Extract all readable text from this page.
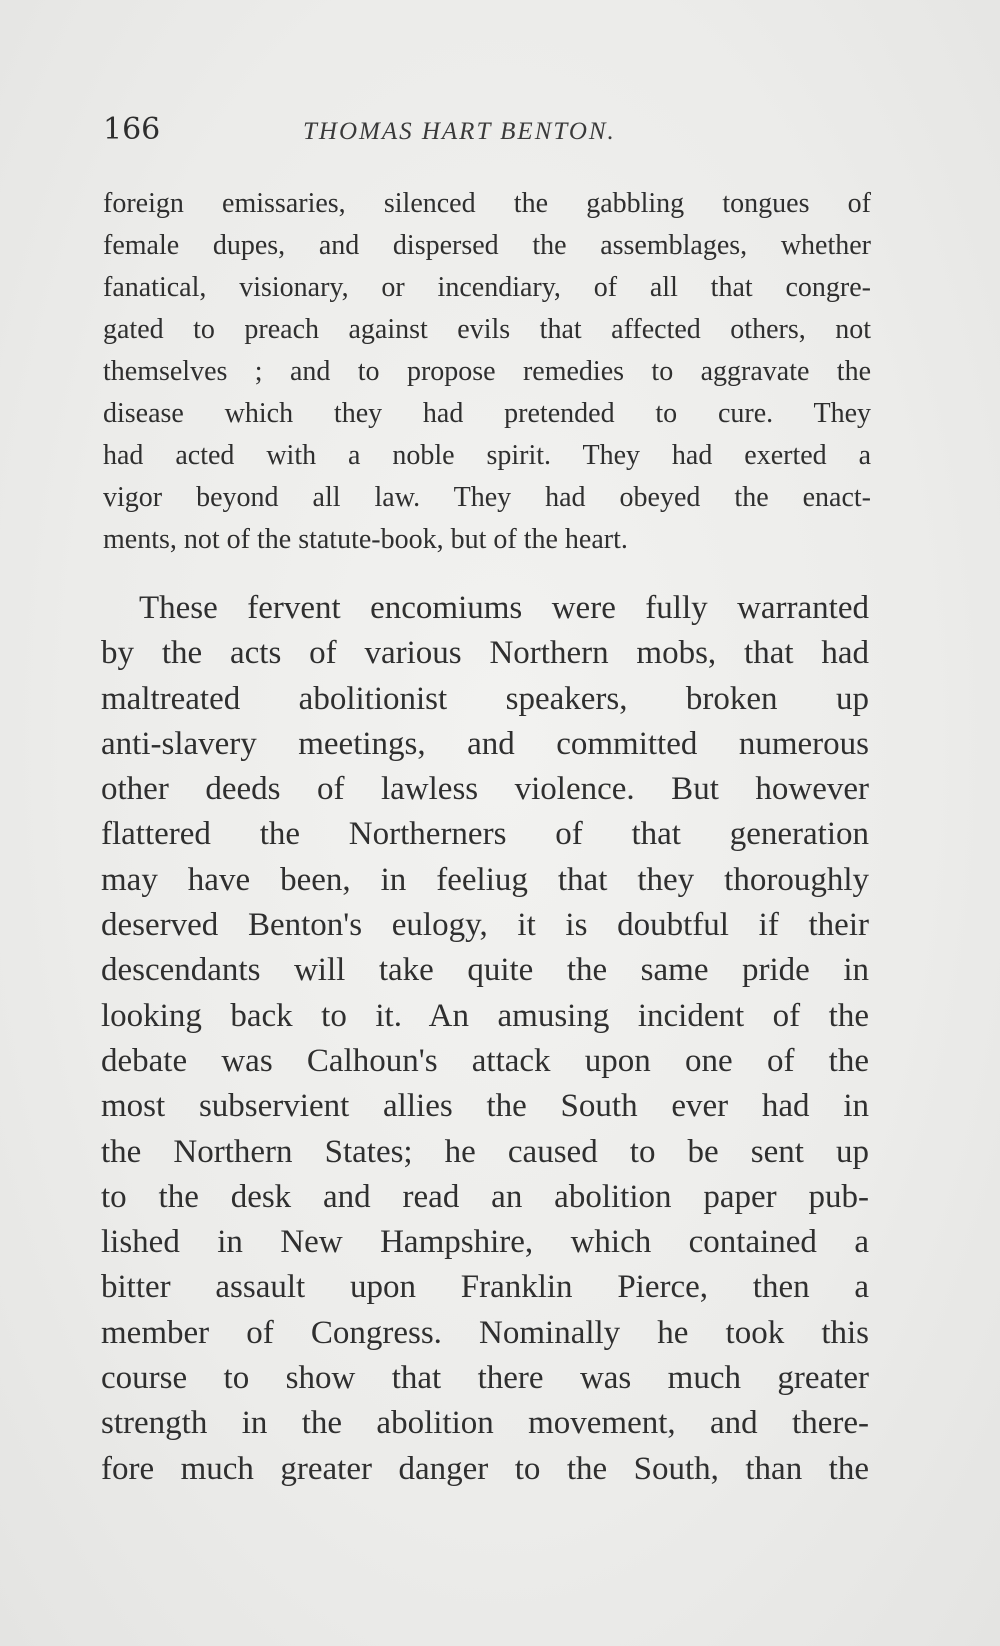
166	THOMAS HART BENTON.
foreign emissaries, silenced the gabbling tongues of
female dupes, and dispersed the assemblages, whether
fanatical, visionary, or incendiary, of all that congre-
gated to preach against evils that affected others, not
themselves ; and to propose remedies to aggravate the
disease which they had pretended to cure. They
had acted with a noble spirit. They had exerted a
vigor beyond all law. They had obeyed the enact-
ments, not of the statute-book, but of the heart.
These fervent encomiums were fully warranted
by the acts of various Northern mobs, that had
maltreated abolitionist speakers, broken up
anti-slavery meetings, and committed numerous
other deeds of lawless violence. But however
flattered the Northerners of that generation
may have been, in feeliug that they thoroughly
deserved Benton's eulogy, it is doubtful if their
descendants will take quite the same pride in
looking back to it. An amusing incident of the
debate was Calhoun's attack upon one of the
most subservient allies the South ever had in
the Northern States; he caused to be sent up
to the desk and read an abolition paper pub-
lished in New Hampshire, which contained a
bitter assault upon Franklin Pierce, then a
member of Congress. Nominally he took this
course to show that there was much greater
strength in the abolition movement, and there-
fore much greater danger to the South, than the
